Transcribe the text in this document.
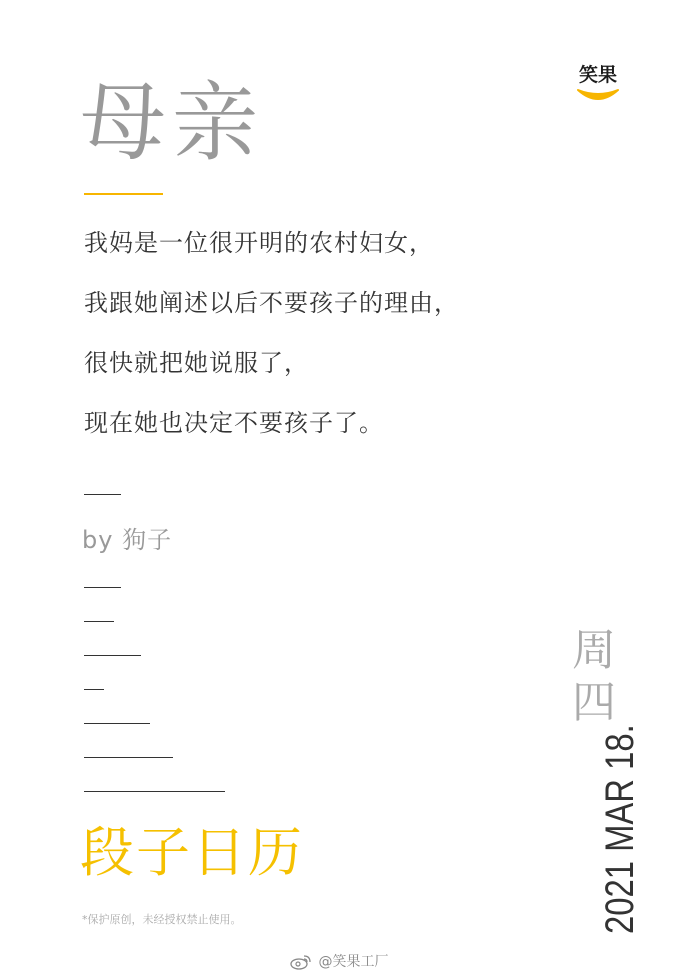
笑果
母亲
我妈是一位很开明的农村妇女，
我跟她阐述以后不要孩子的理由，
很快就把她说服了，
现在她也决定不要孩子了。
by 狗子
段子日历
*保护原创，未经授权禁止使用。
周
四
2021 MAR 18.
@笑果工厂
